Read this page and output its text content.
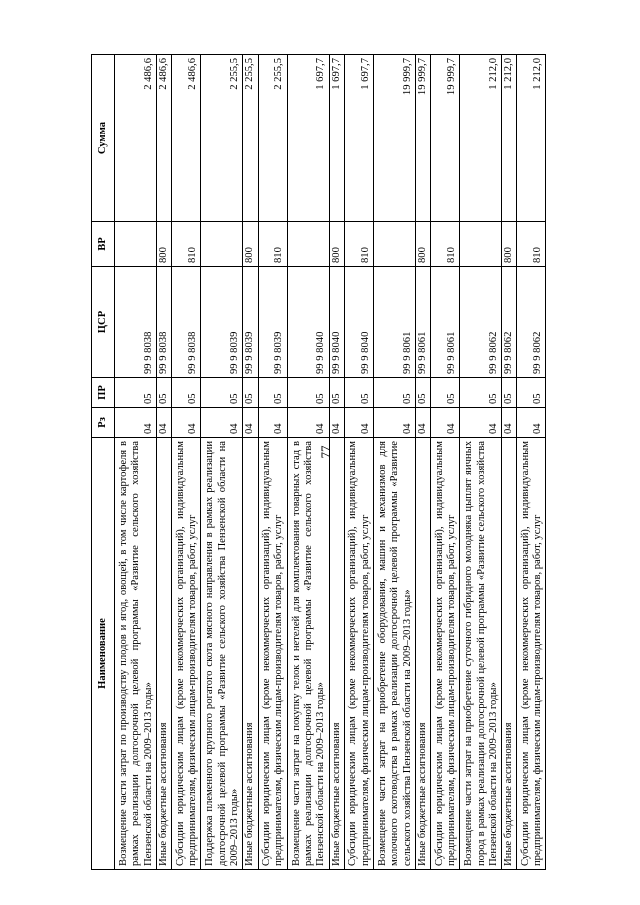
77
Наименование	Рз	ПР	ЦСР	ВР	Сумма
Возмещение части затрат по производству плодов и ягод, овощей, в том числе картофеля в рамках реализации долгосрочной целевой программы «Развитие сельского хозяйства Пензенской области на 2009–2013 годы»	04	05	99 9 8038		2 486,6
Иные бюджетные ассигнования	04	05	99 9 8038	800	2 486,6
Субсидии юридическим лицам (кроме некоммерческих организаций), индивидуальным предпринимателям, физическим лицам-производителям товаров, работ, услуг	04	05	99 9 8038	810	2 486,6
Поддержка племенного крупного рогатого скота мясного направления в рамках реализации долгосрочной целевой программы «Развитие сельского хозяйства Пензенской области на 2009–2013 годы»	04	05	99 9 8039		2 255,5
Иные бюджетные ассигнования	04	05	99 9 8039	800	2 255,5
Субсидии юридическим лицам (кроме некоммерческих организаций), индивидуальным предпринимателям, физическим лицам-производителям товаров, работ, услуг	04	05	99 9 8039	810	2 255,5
Возмещение части затрат на покупку телок и нетелей для комплектования товарных стад в рамках реализации долгосрочной целевой программы «Развитие сельского хозяйства Пензенской области на 2009–2013 годы»	04	05	99 9 8040		1 697,7
Иные бюджетные ассигнования	04	05	99 9 8040	800	1 697,7
Субсидии юридическим лицам (кроме некоммерческих организаций), индивидуальным предпринимателям, физическим лицам-производителям товаров, работ, услуг	04	05	99 9 8040	810	1 697,7
Возмещение части затрат на приобретение оборудования, машин и механизмов для молочного скотоводства в рамках реализации долгосрочной целевой программы «Развитие сельского хозяйства Пензенской области на 2009–2013 годы»	04	05	99 9 8061		19 999,7
Иные бюджетные ассигнования	04	05	99 9 8061	800	19 999,7
Субсидии юридическим лицам (кроме некоммерческих организаций), индивидуальным предпринимателям, физическим лицам-производителям товаров, работ, услуг	04	05	99 9 8061	810	19 999,7
Возмещение части затрат на приобретение суточного гибридного молодняка цыплят яичных пород в рамках реализации долгосрочной целевой программы «Развитие сельского хозяйства Пензенской области на 2009–2013 годы»	04	05	99 9 8062		1 212,0
Иные бюджетные ассигнования	04	05	99 9 8062	800	1 212,0
Субсидии юридическим лицам (кроме некоммерческих организаций), индивидуальным предпринимателям, физическим лицам-производителям товаров, работ, услуг	04	05	99 9 8062	810	1 212,0
